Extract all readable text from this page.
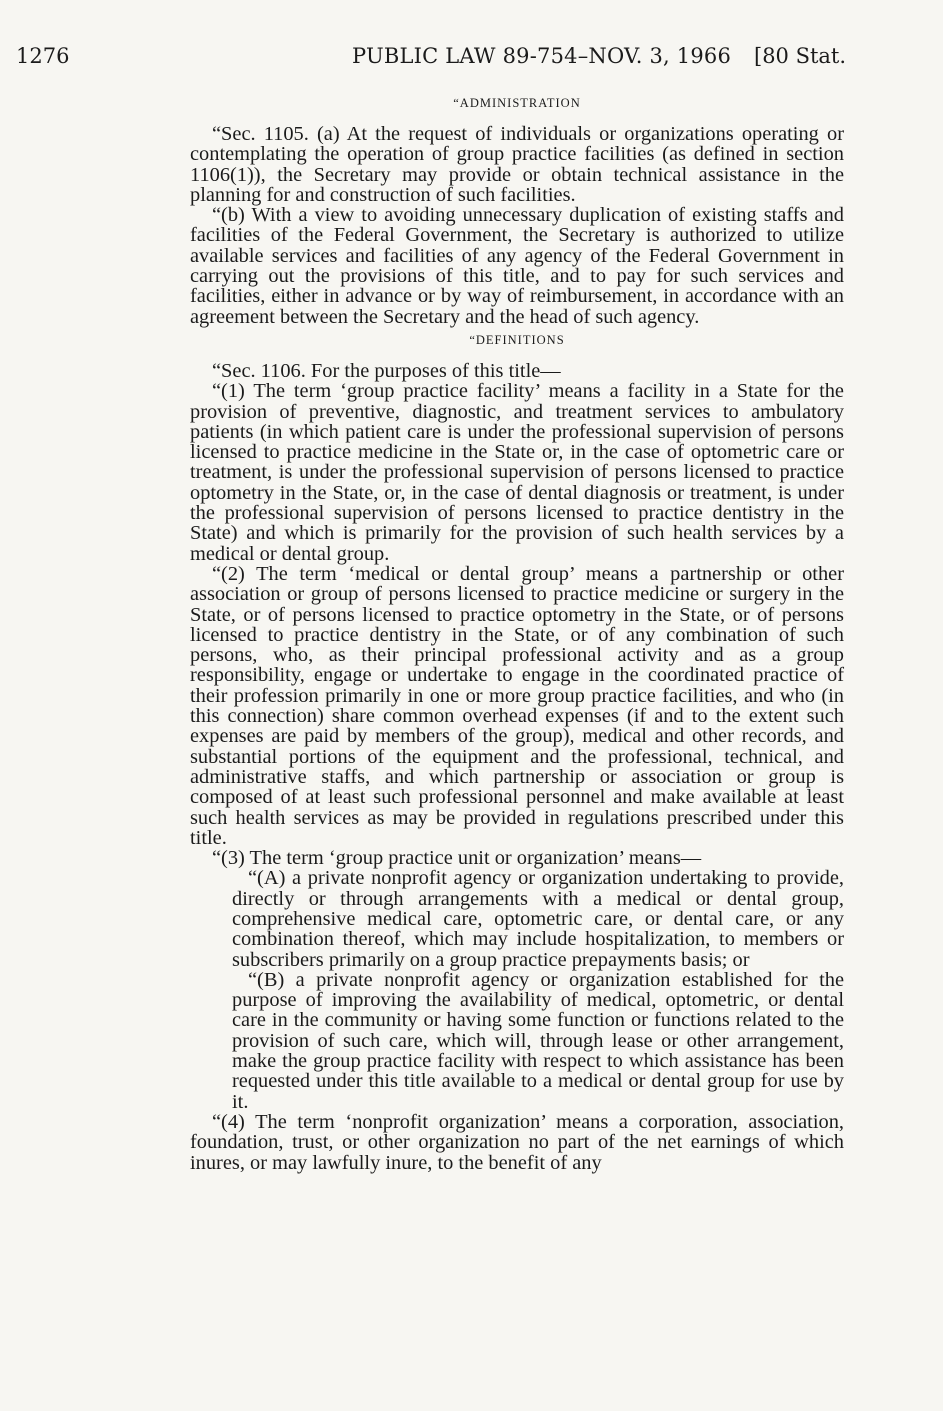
1276	PUBLIC LAW 89-754–NOV. 3, 1966 [80 Stat.
“ADMINISTRATION

“Sec. 1105. (a) At the request of individuals or organizations operating or contemplating the operation of group practice facilities (as defined in section 1106(1)), the Secretary may provide or obtain technical assistance in the planning for and construction of such facilities.

“(b) With a view to avoiding unnecessary duplication of existing staffs and facilities of the Federal Government, the Secretary is authorized to utilize available services and facilities of any agency of the Federal Government in carrying out the provisions of this title, and to pay for such services and facilities, either in advance or by way of reimbursement, in accordance with an agreement between the Secretary and the head of such agency.

“DEFINITIONS

“Sec. 1106. For the purposes of this title—

“(1) The term ‘group practice facility’ means a facility in a State for the provision of preventive, diagnostic, and treatment services to ambulatory patients (in which patient care is under the professional supervision of persons licensed to practice medicine in the State or, in the case of optometric care or treatment, is under the professional supervision of persons licensed to practice optometry in the State, or, in the case of dental diagnosis or treatment, is under the professional supervision of persons licensed to practice dentistry in the State) and which is primarily for the provision of such health services by a medical or dental group.

“(2) The term ‘medical or dental group’ means a partnership or other association or group of persons licensed to practice medicine or surgery in the State, or of persons licensed to practice optometry in the State, or of persons licensed to practice dentistry in the State, or of any combination of such persons, who, as their principal professional activity and as a group responsibility, engage or undertake to engage in the coordinated practice of their profession primarily in one or more group practice facilities, and who (in this connection) share common overhead expenses (if and to the extent such expenses are paid by members of the group), medical and other records, and substantial portions of the equipment and the professional, technical, and administrative staffs, and which partnership or association or group is composed of at least such professional personnel and make available at least such health services as may be provided in regulations prescribed under this title.

“(3) The term ‘group practice unit or organization’ means—

“(A) a private nonprofit agency or organization undertaking to provide, directly or through arrangements with a medical or dental group, comprehensive medical care, optometric care, or dental care, or any combination thereof, which may include hospitalization, to members or subscribers primarily on a group practice prepayments basis; or

“(B) a private nonprofit agency or organization established for the purpose of improving the availability of medical, optometric, or dental care in the community or having some function or functions related to the provision of such care, which will, through lease or other arrangement, make the group practice facility with respect to which assistance has been requested under this title available to a medical or dental group for use by it.

“(4) The term ‘nonprofit organization’ means a corporation, association, foundation, trust, or other organization no part of the net earnings of which inures, or may lawfully inure, to the benefit of any
